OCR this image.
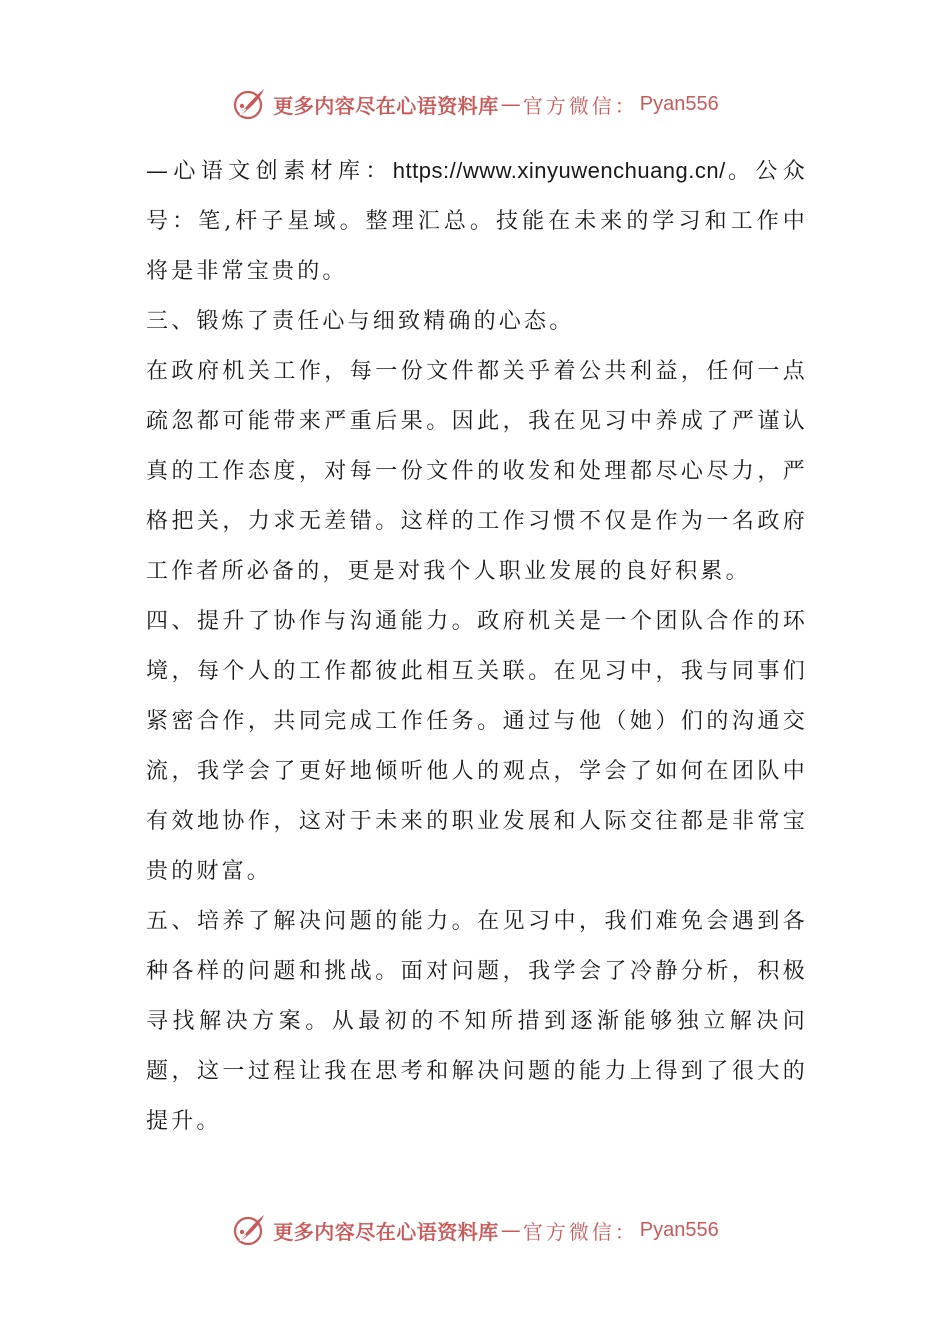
更多内容尽在心语资料库 — 官方微信： Pyan556

—心语文创素材库：https://www.xinyuwenchuang.cn/。公众号：笔,杆子星域。整理汇总。技能在未来的学习和工作中将是非常宝贵的。

三、锻炼了责任心与细致精确的心态。

在政府机关工作，每一份文件都关乎着公共利益，任何一点疏忽都可能带来严重后果。因此，我在见习中养成了严谨认真的工作态度，对每一份文件的收发和处理都尽心尽力，严格把关，力求无差错。这样的工作习惯不仅是作为一名政府工作者所必备的，更是对我个人职业发展的良好积累。

四、提升了协作与沟通能力。政府机关是一个团队合作的环境，每个人的工作都彼此相互关联。在见习中，我与同事们紧密合作，共同完成工作任务。通过与他（她）们的沟通交流，我学会了更好地倾听他人的观点，学会了如何在团队中有效地协作，这对于未来的职业发展和人际交往都是非常宝贵的财富。

五、培养了解决问题的能力。在见习中，我们难免会遇到各种各样的问题和挑战。面对问题，我学会了冷静分析，积极寻找解决方案。从最初的不知所措到逐渐能够独立解决问题，这一过程让我在思考和解决问题的能力上得到了很大的提升。

更多内容尽在心语资料库 — 官方微信： Pyan556
